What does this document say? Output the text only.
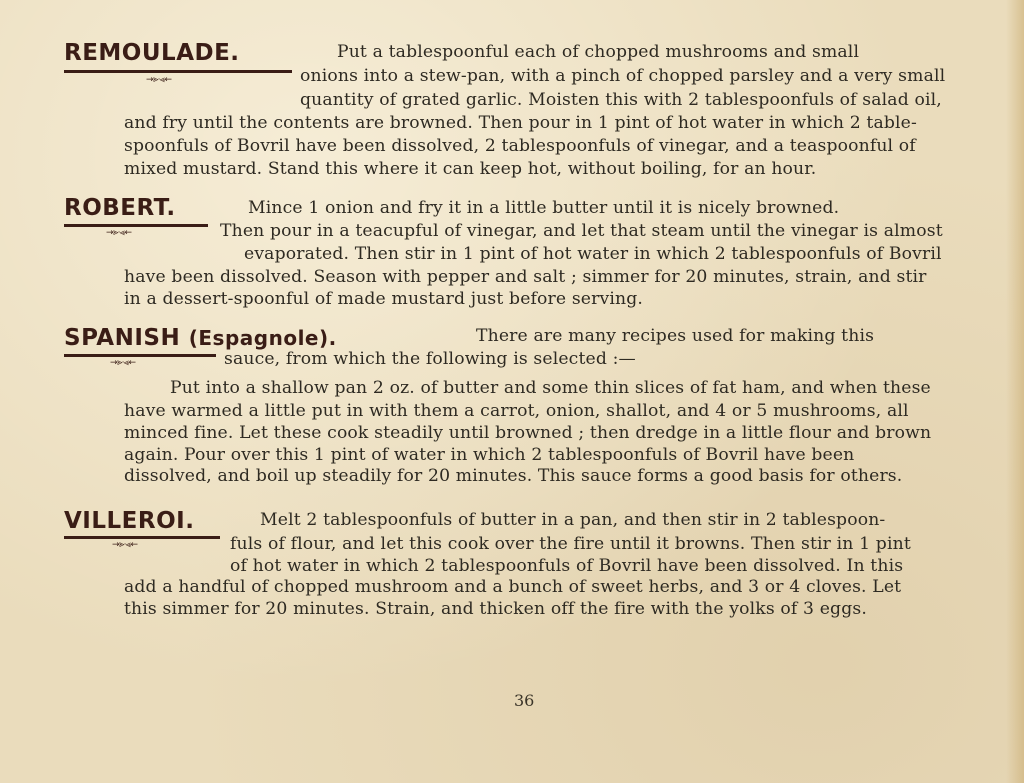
REMOULADE.
→⪢·⪡←
Put a tablespoonful each of chopped mushrooms and small
onions into a stew-pan, with a pinch of chopped parsley and a very small
quantity of grated garlic. Moisten this with 2 tablespoonfuls of salad oil,
and fry until the contents are browned. Then pour in 1 pint of hot water in which 2 table-
spoonfuls of Bovril have been dissolved, 2 tablespoonfuls of vinegar, and a teaspoonful of
mixed mustard. Stand this where it can keep hot, without boiling, for an hour.
ROBERT.
→⪢·⪡←
Mince 1 onion and fry it in a little butter until it is nicely browned.
Then pour in a teacupful of vinegar, and let that steam until the vinegar is almost
evaporated. Then stir in 1 pint of hot water in which 2 tablespoonfuls of Bovril
have been dissolved. Season with pepper and salt ; simmer for 20 minutes, strain, and stir
in a dessert-spoonful of made mustard just before serving.
SPANISH (Espagnole).
→⪢·⪡←
There are many recipes used for making this
sauce, from which the following is selected :—
Put into a shallow pan 2 oz. of butter and some thin slices of fat ham, and when these
have warmed a little put in with them a carrot, onion, shallot, and 4 or 5 mushrooms, all
minced fine. Let these cook steadily until browned ; then dredge in a little flour and brown
again. Pour over this 1 pint of water in which 2 tablespoonfuls of Bovril have been
dissolved, and boil up steadily for 20 minutes. This sauce forms a good basis for others.
VILLEROI.
→⪢·⪡←
Melt 2 tablespoonfuls of butter in a pan, and then stir in 2 tablespoon-
fuls of flour, and let this cook over the fire until it browns. Then stir in 1 pint
of hot water in which 2 tablespoonfuls of Bovril have been dissolved. In this
add a handful of chopped mushroom and a bunch of sweet herbs, and 3 or 4 cloves. Let
this simmer for 20 minutes. Strain, and thicken off the fire with the yolks of 3 eggs.
36
